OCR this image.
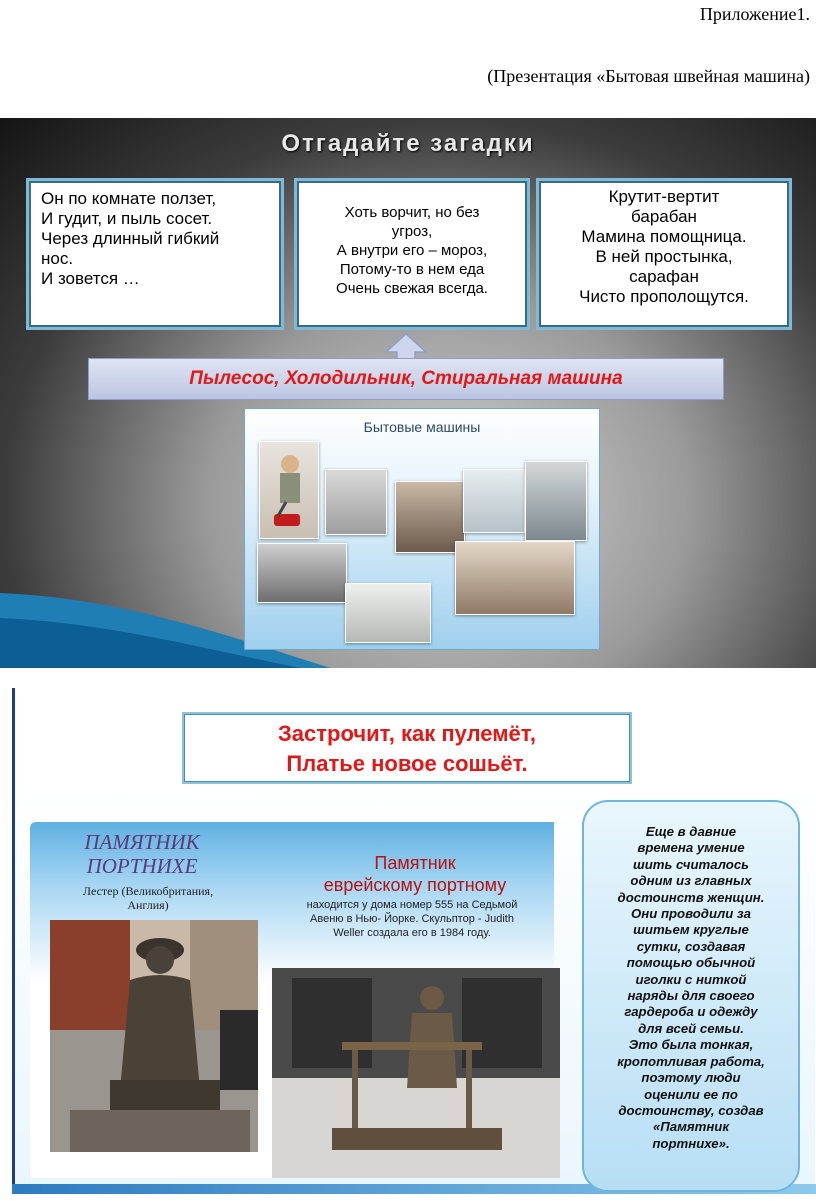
Приложение1.
(Презентация «Бытовая швейная машина)
Отгадайте загадки
Он по комнате ползет,
И гудит, и пыль сосет.
Через длинный гибкий
нос.
И зовется …
Хоть ворчит, но без
угроз,
А внутри его – мороз,
Потому-то в нем еда
Очень свежая всегда.
Крутит-вертит
барабан
Мамина помощница.
В ней простынка,
сарафан
Чисто прополощутся.
Пылесос, Холодильник, Стиральная машина
Бытовые машины
Застрочит, как пулемёт,
Платье новое сошьёт.
ПАМЯТНИК
ПОРТНИХЕ
Лестер (Великобритания,
Англия)
Памятник
еврейскому портному
находится у дома номер 555 на Седьмой
Авеню в Нью- Йорке. Скульптор - Judith
Weller создала его в 1984 году.
Еще в давние
времена умение
шить считалось
одним из главных
достоинств женщин.
Они проводили за
шитьем круглые
сутки, создавая
помощью обычной
иголки с ниткой
наряды для своего
гардероба и одежду
для всей семьи.
Это была тонкая,
кропотливая работа,
поэтому люди
оценили ее по
достоинству, создав
«Памятник
портнихе».
